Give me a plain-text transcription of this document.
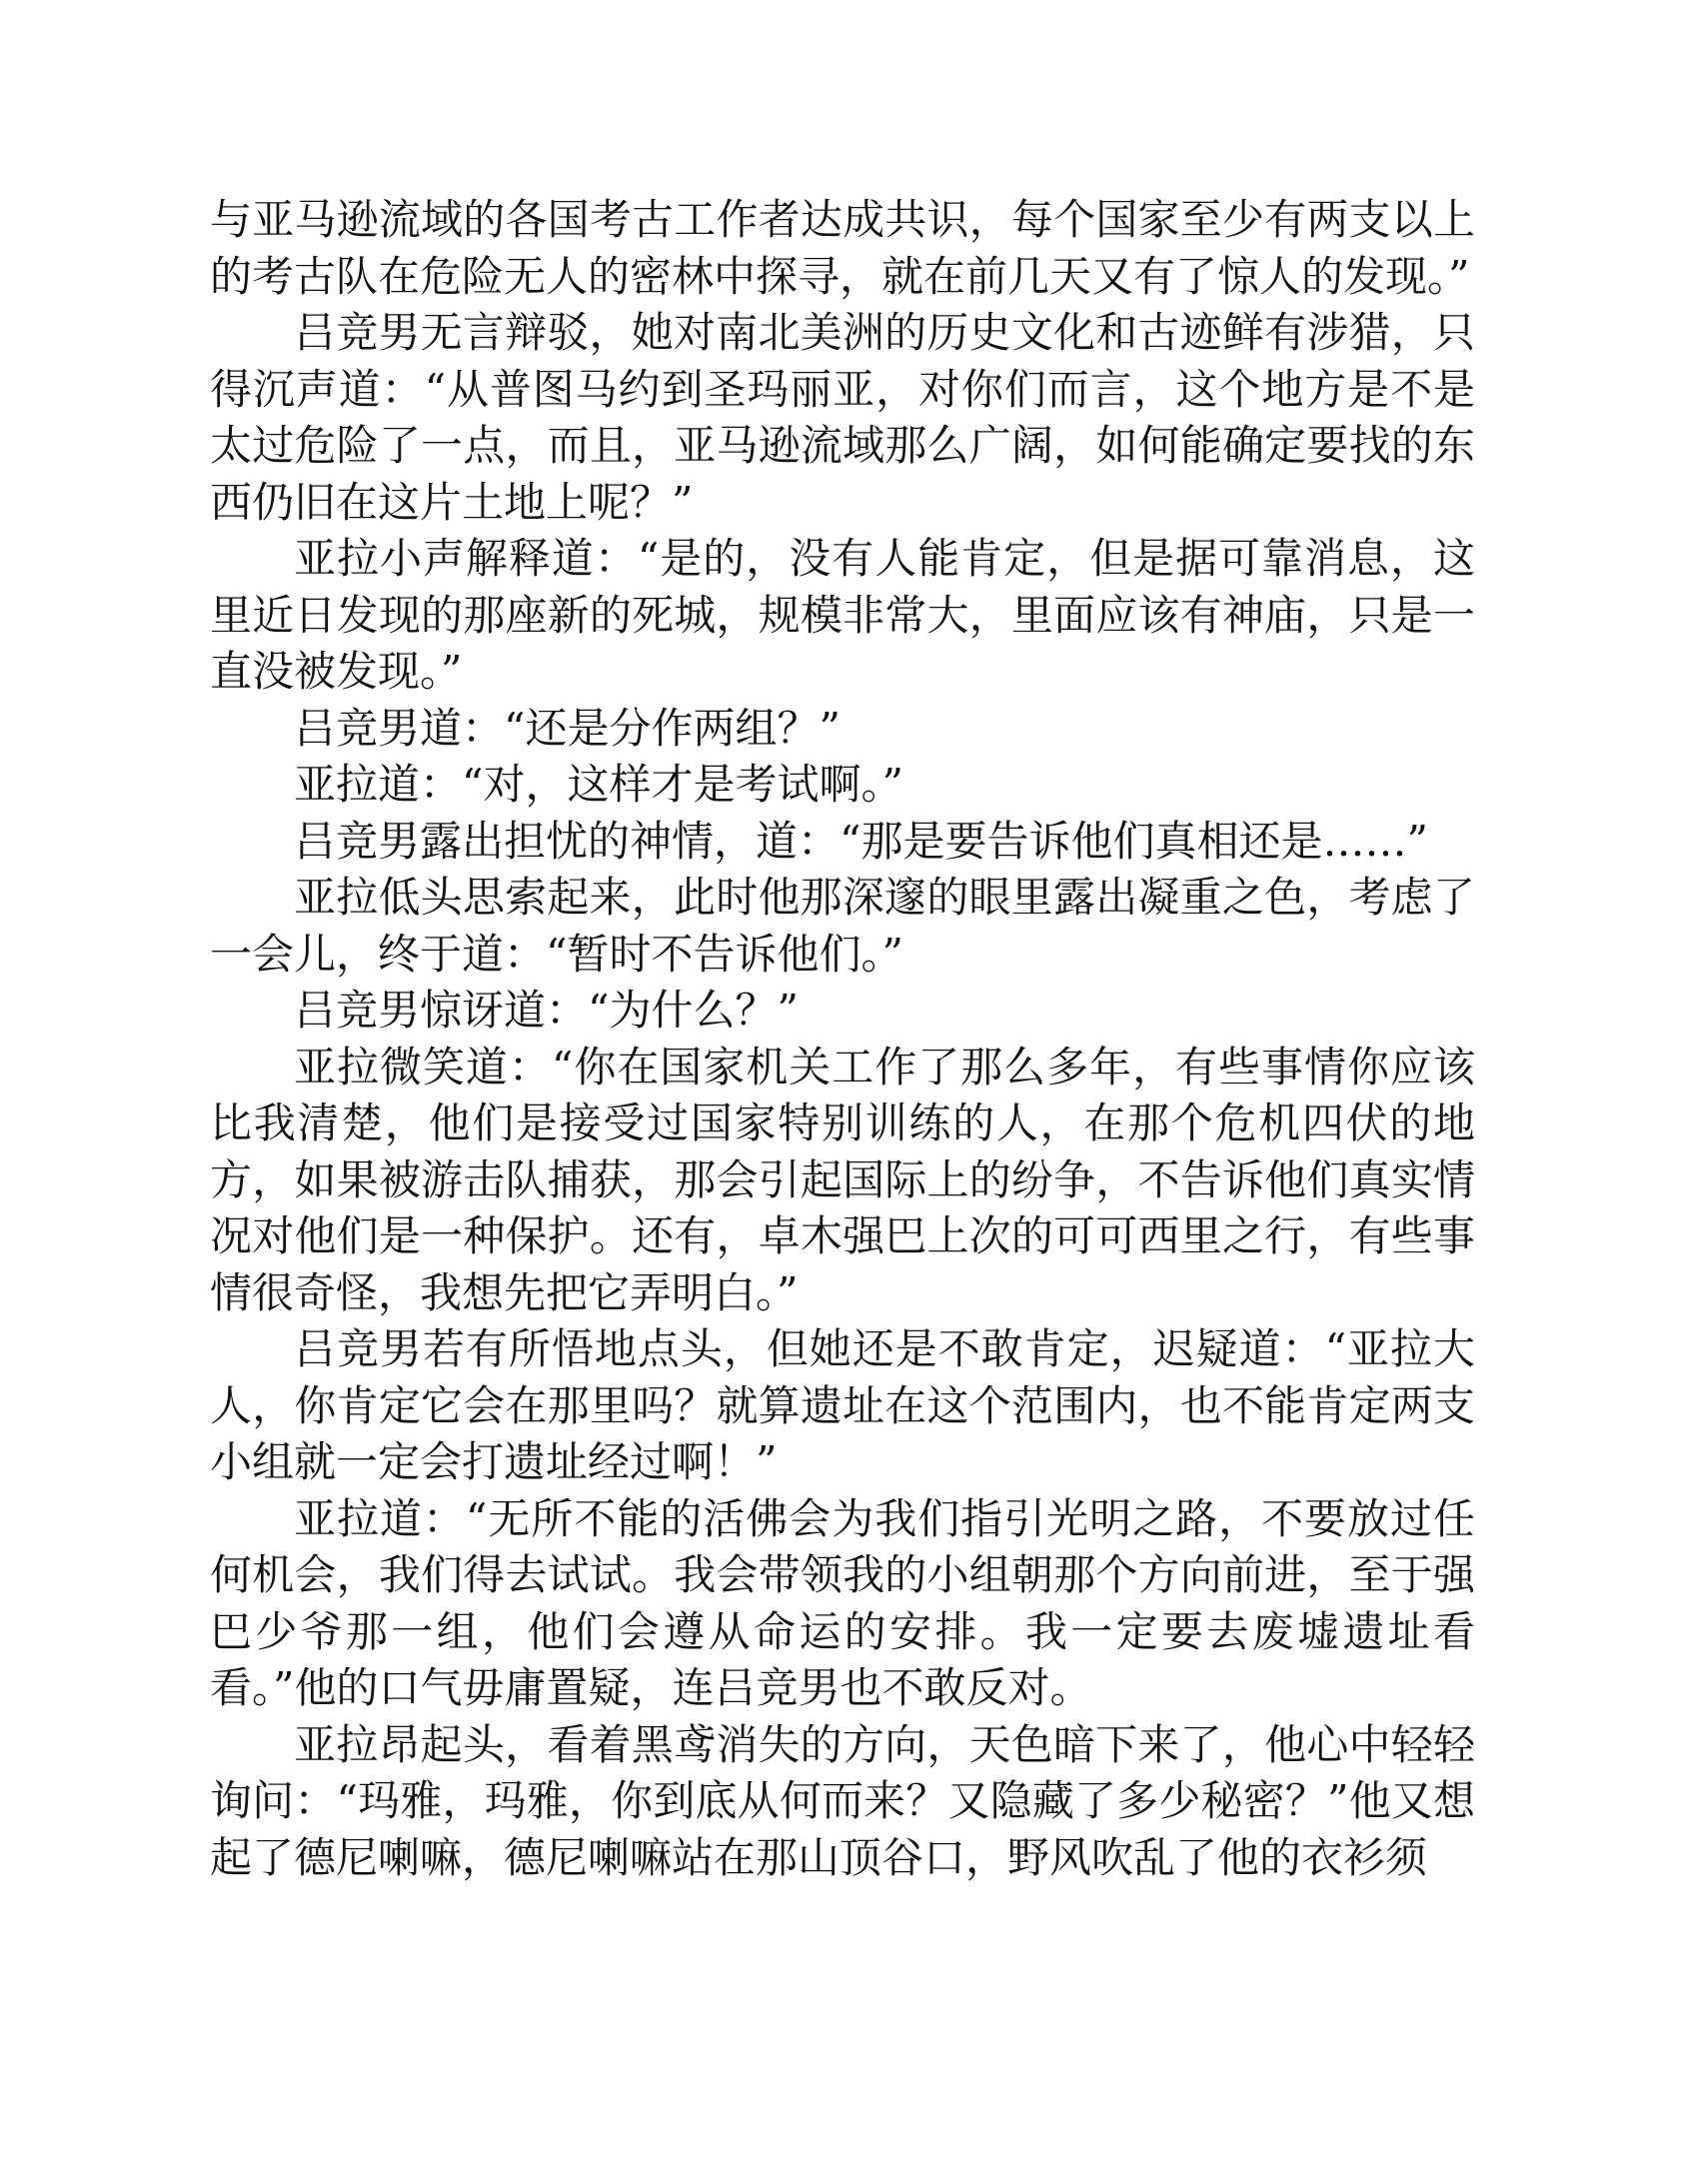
与亚马逊流域的各国考古工作者达成共识，每个国家至少有两支以上的考古队在危险无人的密林中探寻，就在前几天又有了惊人的发现。”

吕竞男无言辩驳，她对南北美洲的历史文化和古迹鲜有涉猎，只得沉声道：“从普图马约到圣玛丽亚，对你们而言，这个地方是不是太过危险了一点，而且，亚马逊流域那么广阔，如何能确定要找的东西仍旧在这片土地上呢？”

亚拉小声解释道：“是的，没有人能肯定，但是据可靠消息，这里近日发现的那座新的死城，规模非常大，里面应该有神庙，只是一直没被发现。”

吕竞男道：“还是分作两组？”

亚拉道：“对，这样才是考试啊。”

吕竞男露出担忧的神情，道：“那是要告诉他们真相还是……”

亚拉低头思索起来，此时他那深邃的眼里露出凝重之色，考虑了一会儿，终于道：“暂时不告诉他们。”

吕竞男惊讶道：“为什么？”

亚拉微笑道：“你在国家机关工作了那么多年，有些事情你应该比我清楚，他们是接受过国家特别训练的人，在那个危机四伏的地方，如果被游击队捕获，那会引起国际上的纷争，不告诉他们真实情况对他们是一种保护。还有，卓木强巴上次的可可西里之行，有些事情很奇怪，我想先把它弄明白。”

吕竞男若有所悟地点头，但她还是不敢肯定，迟疑道：“亚拉大人，你肯定它会在那里吗？就算遗址在这个范围内，也不能肯定两支小组就一定会打遗址经过啊！”

亚拉道：“无所不能的活佛会为我们指引光明之路，不要放过任何机会，我们得去试试。我会带领我的小组朝那个方向前进，至于强巴少爷那一组，他们会遵从命运的安排。我一定要去废墟遗址看看。”他的口气毋庸置疑，连吕竞男也不敢反对。

亚拉昂起头，看着黑鸢消失的方向，天色暗下来了，他心中轻轻询问：“玛雅，玛雅，你到底从何而来？又隐藏了多少秘密？”他又想起了德尼喇嘛，德尼喇嘛站在那山顶谷口，野风吹乱了他的衣衫须
